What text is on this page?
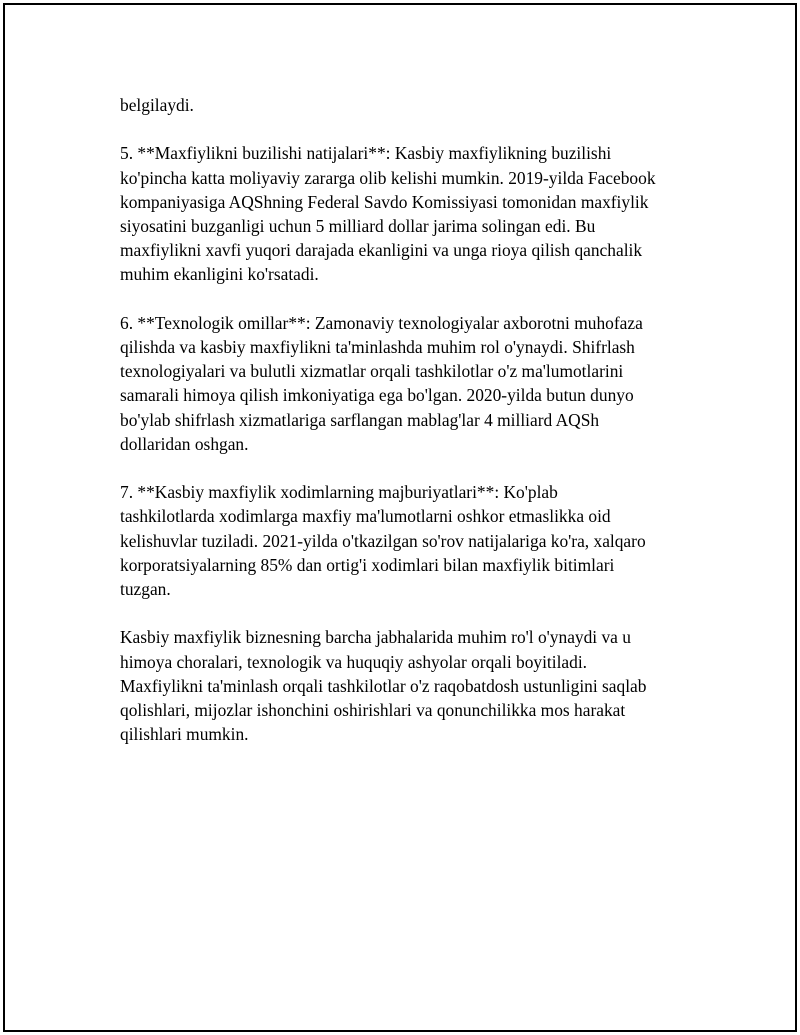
belgilaydi.

5. **Maxfiylikni buzilishi natijalari**: Kasbiy maxfiylikning buzilishi
ko'pincha katta moliyaviy zararga olib kelishi mumkin. 2019-yilda Facebook
kompaniyasiga AQShning Federal Savdo Komissiyasi tomonidan maxfiylik
siyosatini buzganligi uchun 5 milliard dollar jarima solingan edi. Bu
maxfiylikni xavfi yuqori darajada ekanligini va unga rioya qilish qanchalik
muhim ekanligini ko'rsatadi.

6. **Texnologik omillar**: Zamonaviy texnologiyalar axborotni muhofaza
qilishda va kasbiy maxfiylikni ta'minlashda muhim rol o'ynaydi. Shifrlash
texnologiyalari va bulutli xizmatlar orqali tashkilotlar o'z ma'lumotlarini
samarali himoya qilish imkoniyatiga ega bo'lgan. 2020-yilda butun dunyo
bo'ylab shifrlash xizmatlariga sarflangan mablag'lar 4 milliard AQSh
dollaridan oshgan.

7. **Kasbiy maxfiylik xodimlarning majburiyatlari**: Ko'plab
tashkilotlarda xodimlarga maxfiy ma'lumotlarni oshkor etmaslikka oid
kelishuvlar tuziladi. 2021-yilda o'tkazilgan so'rov natijalariga ko'ra, xalqaro
korporatsiyalarning 85% dan ortig'i xodimlari bilan maxfiylik bitimlari
tuzgan.

Kasbiy maxfiylik biznesning barcha jabhalarida muhim ro'l o'ynaydi va u
himoya choralari, texnologik va huquqiy ashyolar orqali boyitiladi.
Maxfiylikni ta'minlash orqali tashkilotlar o'z raqobatdosh ustunligini saqlab
qolishlari, mijozlar ishonchini oshirishlari va qonunchilikka mos harakat
qilishlari mumkin.
